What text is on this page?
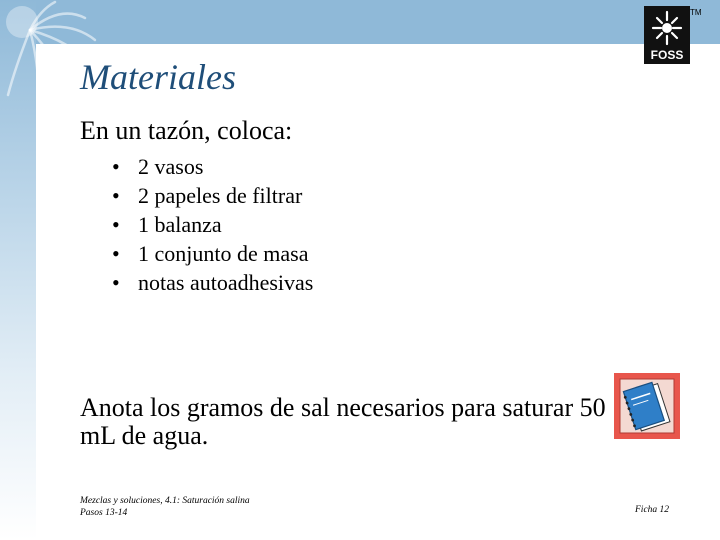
FOSS
TM
Materiales

En un tazón, coloca:

• 2 vasos
• 2 papeles de filtrar
• 1 balanza
• 1 conjunto de masa
• notas autoadhesivas

Anota los gramos de sal necesarios para saturar 50 mL de agua.

Mezclas y soluciones, 4.1: Saturación salina
Pasos 13-14	Ficha 12
